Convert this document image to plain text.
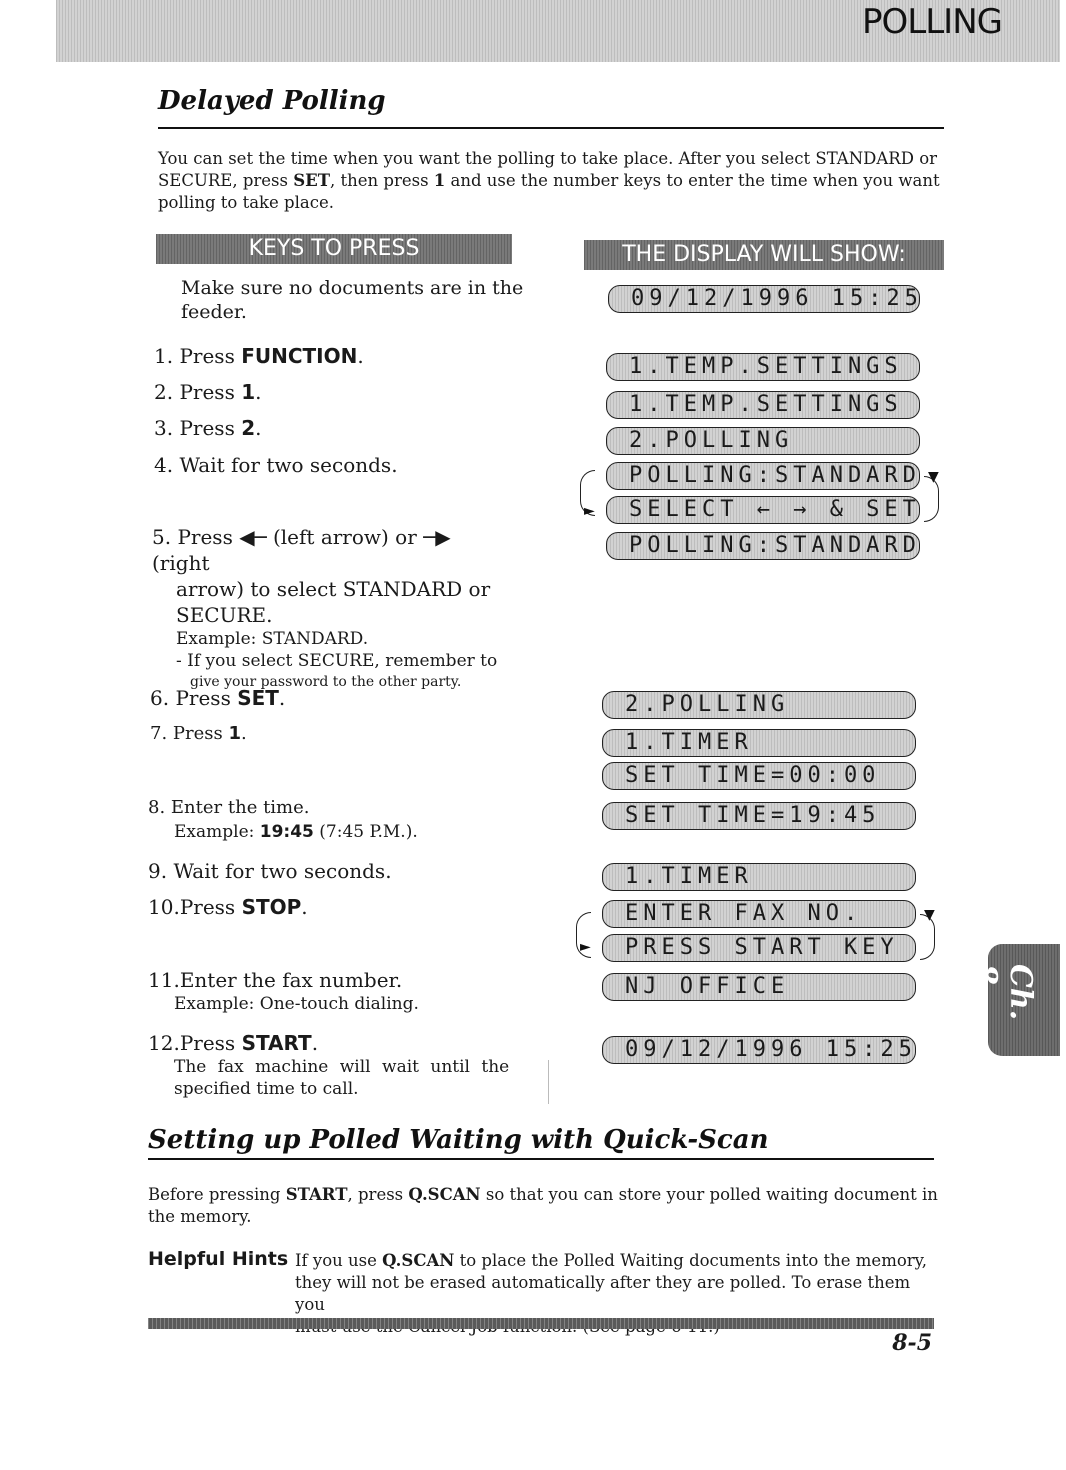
POLLING
Delayed Polling
You can set the time when you want the polling to take place. After you select STANDARD or
SECURE, press SET, then press 1 and use the number keys to enter the time when you want
polling to take place.
KEYS TO PRESS	THE DISPLAY WILL SHOW:
Make sure no documents are in the
feeder.
1. Press FUNCTION.
2. Press 1.
3. Press 2.
4. Wait for two seconds.
5. Press ◀─ (left arrow) or ─▶ (right
arrow) to select STANDARD or
SECURE.
Example: STANDARD.
- If you select SECURE, remember to
give your password to the other party.
6. Press SET.
7. Press 1.
8. Enter the time.
Example: 19:45 (7:45 P.M.).
9. Wait for two seconds.
10.Press STOP.
11.Enter the fax number.
Example: One-touch dialing.
12.Press START.
The fax machine will wait until the
specified time to call.
09/12/1996 15:25
1.TEMP.SETTINGS
1.TEMP.SETTINGS
2.POLLING
►
POLLING:STANDARD
SELECT ← → & SET
▼
POLLING:STANDARD
2.POLLING
1.TIMER
SET TIME=00:00
SET TIME=19:45
1.TIMER
►
ENTER FAX NO.
PRESS START KEY
▼
NJ OFFICE
09/12/1996 15:25
Ch. 8
Setting up Polled Waiting with Quick-Scan
Before pressing START, press Q.SCAN so that you can store your polled waiting document in
the memory.
Helpful Hints If you use Q.SCAN to place the Polled Waiting documents into the memory,
they will not be erased automatically after they are polled. To erase them you
8-5
